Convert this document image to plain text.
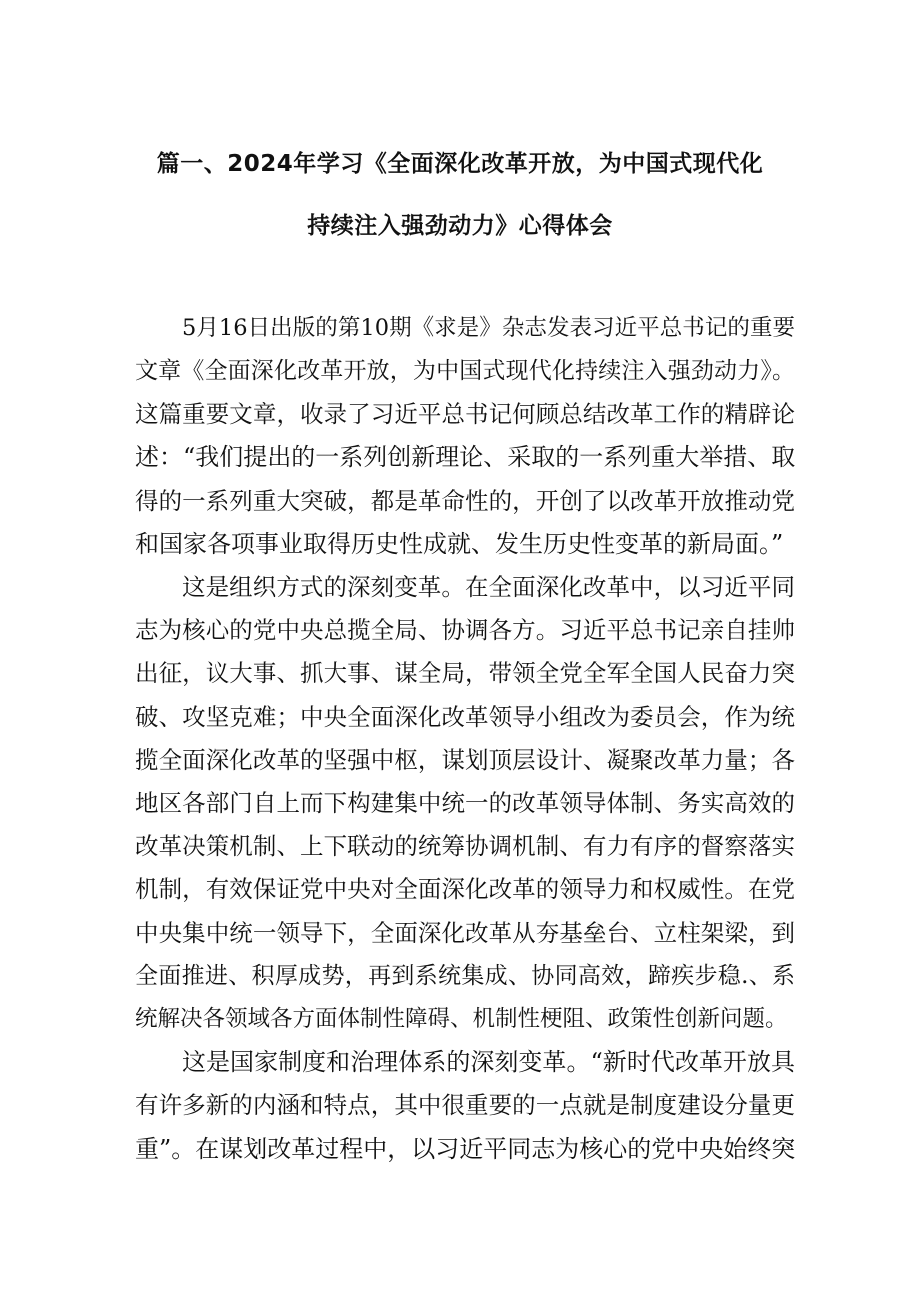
篇一、2024年学习《全面深化改革开放，为中国式现代化
持续注入强劲动力》心得体会
5月16日出版的第10期《求是》杂志发表习近平总书记的重要
文章《全面深化改革开放，为中国式现代化持续注入强劲动力》。
这篇重要文章，收录了习近平总书记何顾总结改革工作的精辟论
述：“我们提出的一系列创新理论、采取的一系列重大举措、取
得的一系列重大突破，都是革命性的，开创了以改革开放推动党
和国家各项事业取得历史性成就、发生历史性变革的新局面。”
这是组织方式的深刻变革。在全面深化改革中，以习近平同
志为核心的党中央总揽全局、协调各方。习近平总书记亲自挂帅
出征，议大事、抓大事、谋全局，带领全党全军全国人民奋力突
破、攻坚克难；中央全面深化改革领导小组改为委员会，作为统
揽全面深化改革的坚强中枢，谋划顶层设计、凝聚改革力量；各
地区各部门自上而下构建集中统一的改革领导体制、务实高效的
改革决策机制、上下联动的统筹协调机制、有力有序的督察落实
机制，有效保证党中央对全面深化改革的领导力和权威性。在党
中央集中统一领导下，全面深化改革从夯基垒台、立柱架梁，到
全面推进、积厚成势，再到系统集成、协同高效，蹄疾步稳.、系
统解决各领域各方面体制性障碍、机制性梗阻、政策性创新问题。
这是国家制度和治理体系的深刻变革。“新时代改革开放具
有许多新的内涵和特点，其中很重要的一点就是制度建设分量更
重”。在谋划改革过程中，以习近平同志为核心的党中央始终突
